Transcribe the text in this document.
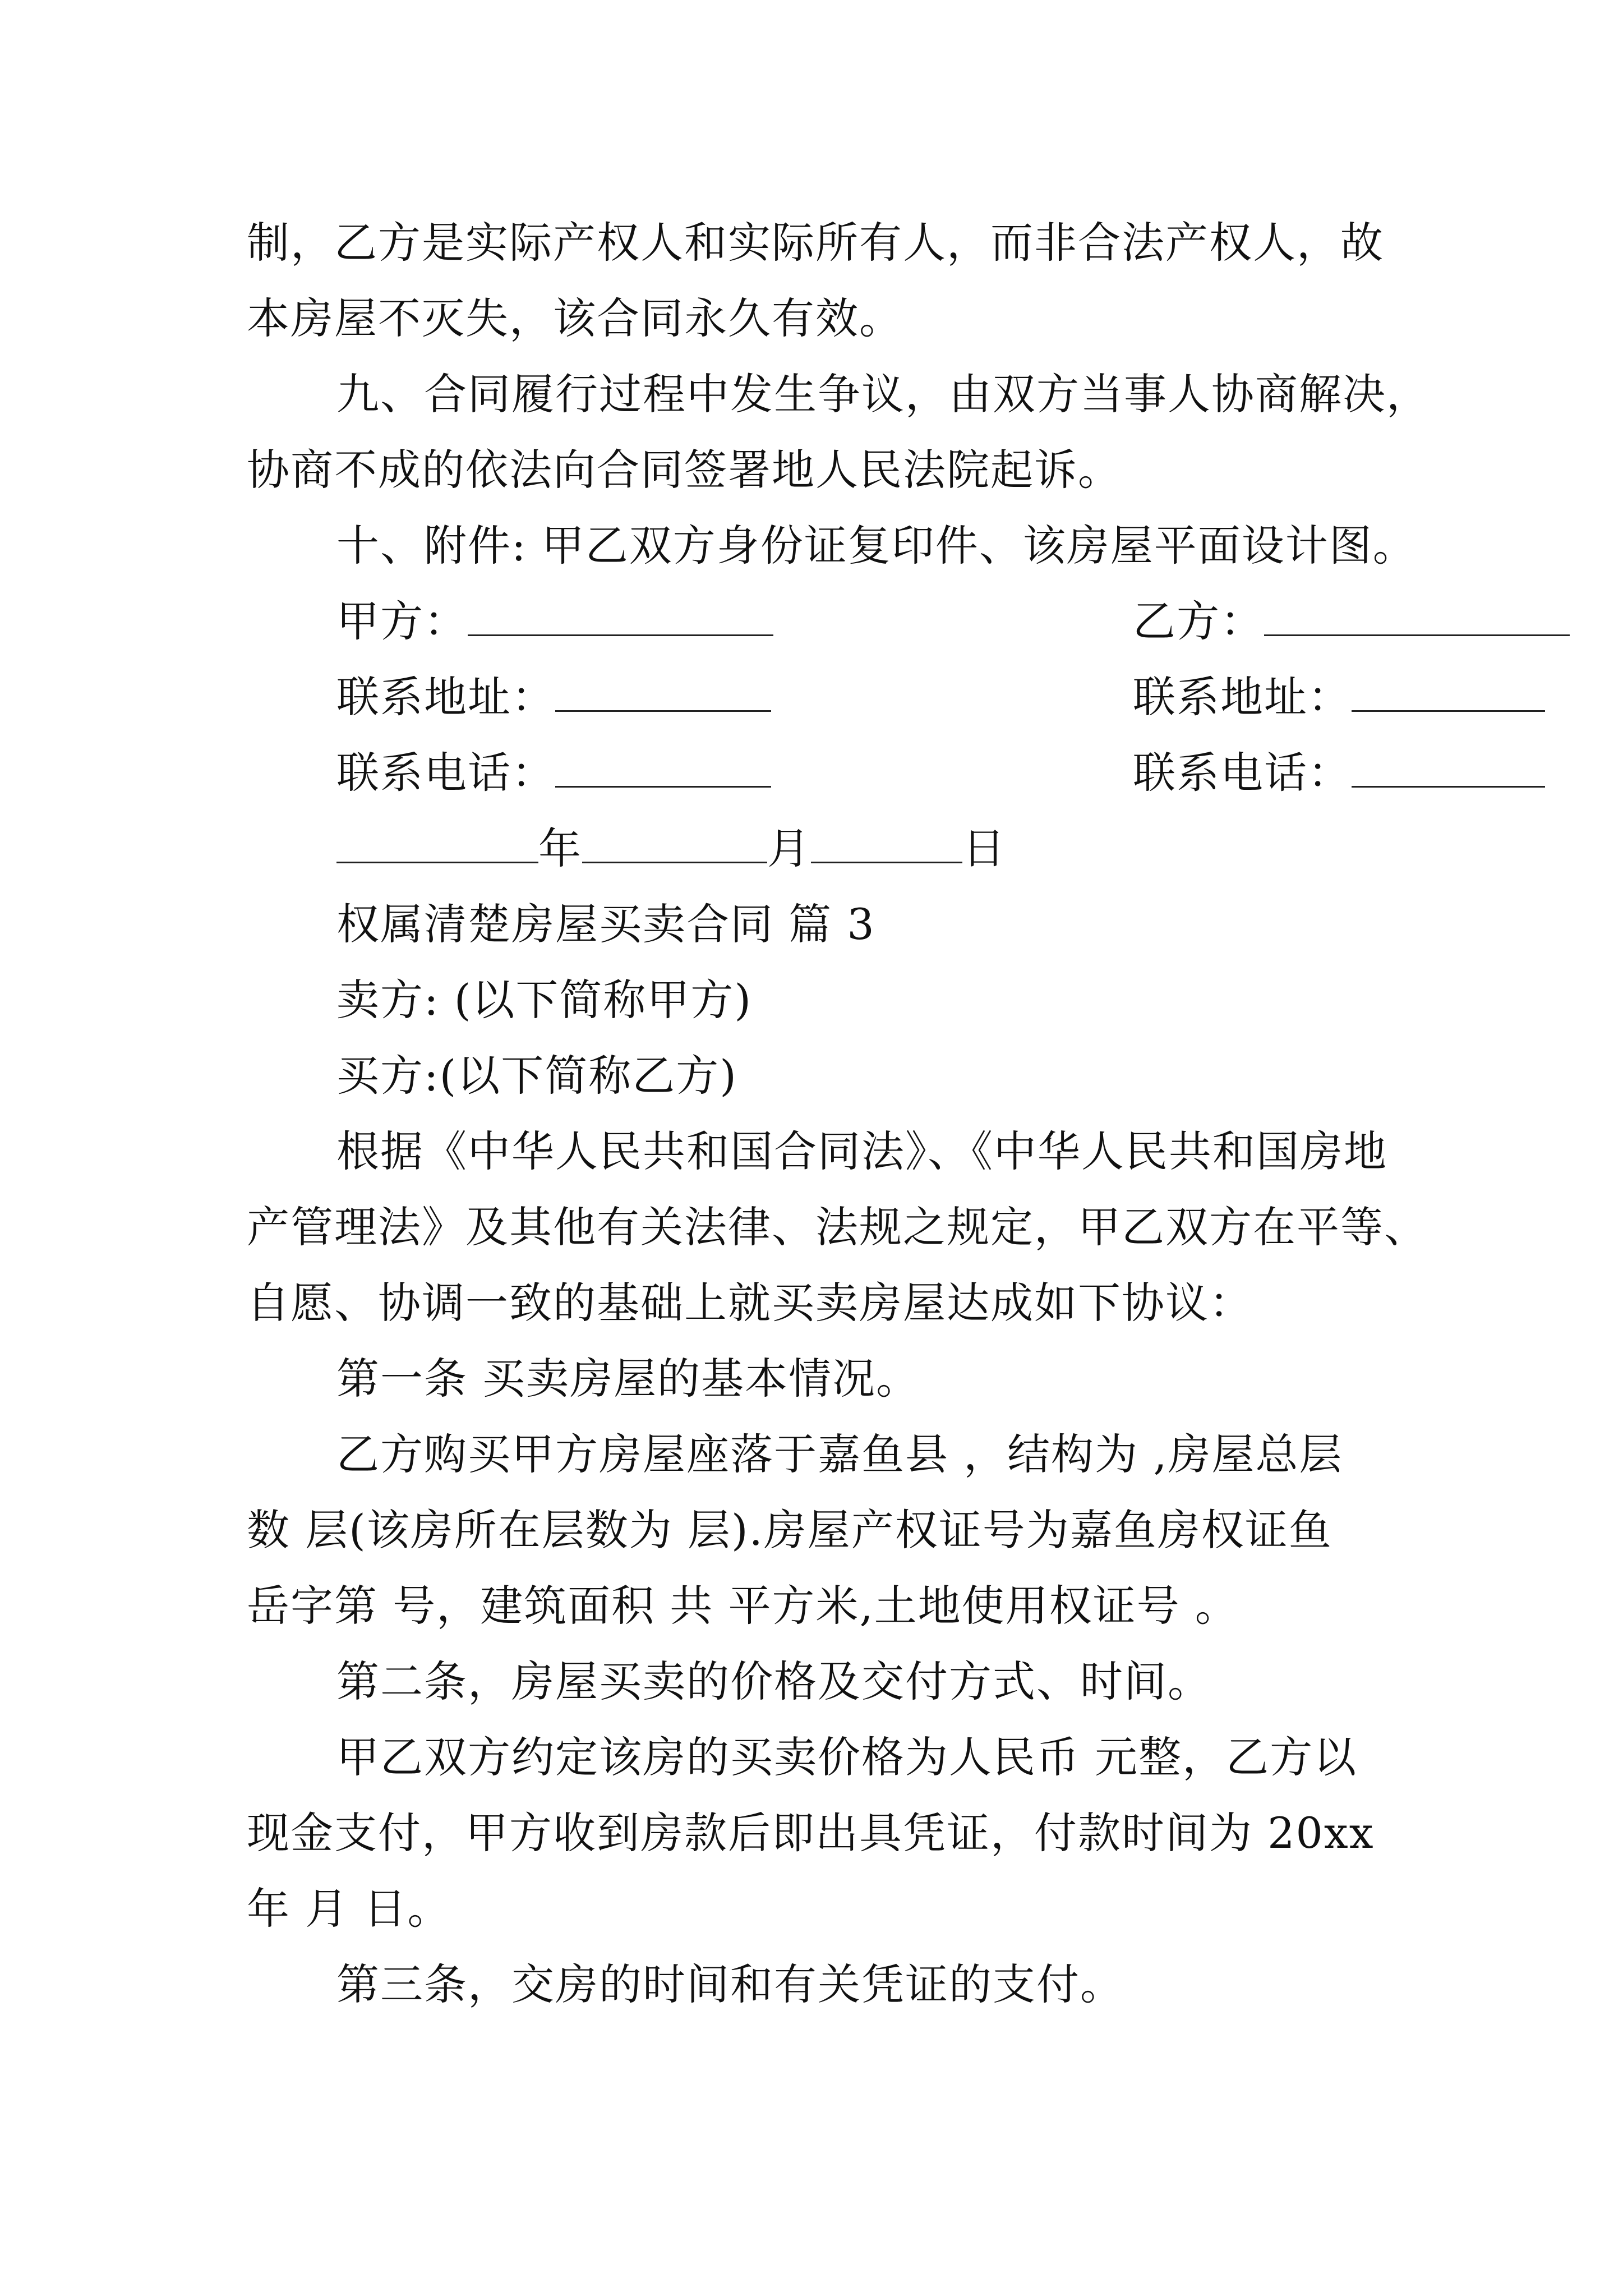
制，乙方是实际产权人和实际所有人，而非合法产权人，故
本房屋不灭失，该合同永久有效。
九、合同履行过程中发生争议，由双方当事人协商解决，
协商不成的依法向合同签署地人民法院起诉。
十、附件: 甲乙双方身份证复印件、该房屋平面设计图。
甲方：	乙方：
联系地址：	联系地址：
联系电话：	联系电话：
年	月	日
权属清楚房屋买卖合同 篇 3
卖方: (以下简称甲方)
买方:(以下简称乙方)
根据《中华人民共和国合同法》、《中华人民共和国房地
产管理法》及其他有关法律、法规之规定，甲乙双方在平等、
自愿、协调一致的基础上就买卖房屋达成如下协议：
第一条 买卖房屋的基本情况。
乙方购买甲方房屋座落于嘉鱼县 ，结构为 ,房屋总层
数 层(该房所在层数为 层).房屋产权证号为嘉鱼房权证鱼
岳字第 号，建筑面积 共 平方米,土地使用权证号 。
第二条，房屋买卖的价格及交付方式、时间。
甲乙双方约定该房的买卖价格为人民币 元整，乙方以
现金支付，甲方收到房款后即出具凭证，付款时间为 20xx
年 月 日。
第三条，交房的时间和有关凭证的支付。
